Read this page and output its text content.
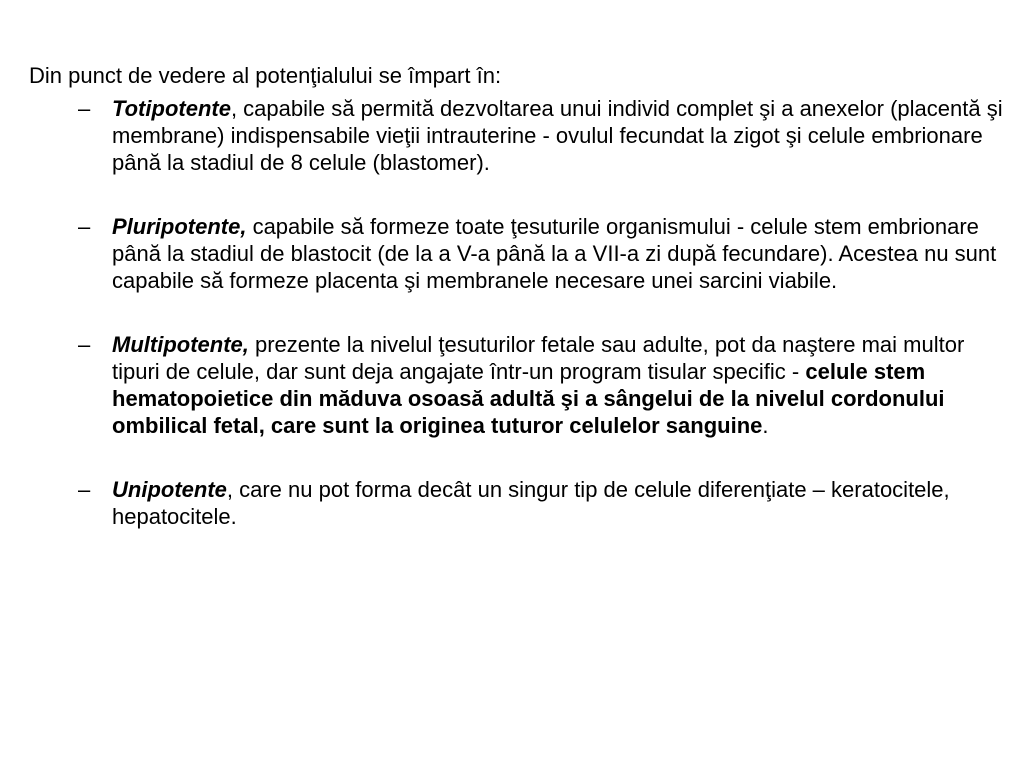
Din punct de vedere al potenţialului se împart în:

– Totipotente, capabile să permită dezvoltarea unui individ complet şi a anexelor (placentă şi membrane) indispensabile vieţii intrauterine - ovulul fecundat la zigot şi celule embrionare până la stadiul de 8 celule (blastomer).
– Pluripotente, capabile să formeze toate ţesuturile organismului - celule stem embrionare până la stadiul de blastocit (de la a V-a până la a VII-a zi după fecundare). Acestea nu sunt capabile să formeze placenta şi membranele necesare unei sarcini viabile.
– Multipotente, prezente la nivelul ţesuturilor fetale sau adulte, pot da naştere mai multor tipuri de celule, dar sunt deja angajate într-un program tisular specific - celule stem hematopoietice din măduva osoasă adultă şi a sângelui de la nivelul cordonului ombilical fetal, care sunt la originea tuturor celulelor sanguine.
– Unipotente, care nu pot forma decât un singur tip de celule diferenţiate – keratocitele, hepatocitele.
